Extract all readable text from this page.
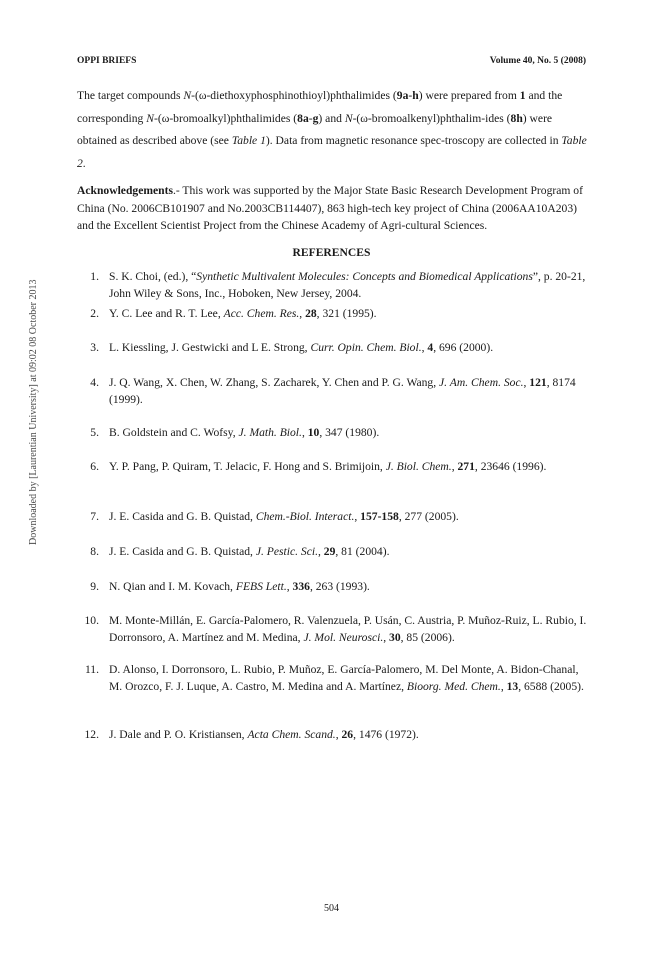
OPPI BRIEFS	Volume 40, No. 5 (2008)
The target compounds N-(ω-diethoxyphosphinothioyl)phthalimides (9a-h) were prepared from 1 and the corresponding N-(ω-bromoalkyl)phthalimides (8a-g) and N-(ω-bromoalkenyl)phthalim-ides (8h) were obtained as described above (see Table 1). Data from magnetic resonance spec-troscopy are collected in Table 2.
Acknowledgements.- This work was supported by the Major State Basic Research Development Program of China (No. 2006CB101907 and No.2003CB114407), 863 high-tech key project of China (2006AA10A203) and the Excellent Scientist Project from the Chinese Academy of Agri-cultural Sciences.
REFERENCES
1. S. K. Choi, (ed.), “Synthetic Multivalent Molecules: Concepts and Biomedical Applications”, p. 20-21, John Wiley & Sons, Inc., Hoboken, New Jersey, 2004.
2. Y. C. Lee and R. T. Lee, Acc. Chem. Res., 28, 321 (1995).
3. L. Kiessling, J. Gestwicki and L E. Strong, Curr. Opin. Chem. Biol., 4, 696 (2000).
4. J. Q. Wang, X. Chen, W. Zhang, S. Zacharek, Y. Chen and P. G. Wang, J. Am. Chem. Soc., 121, 8174 (1999).
5. B. Goldstein and C. Wofsy, J. Math. Biol., 10, 347 (1980).
6. Y. P. Pang, P. Quiram, T. Jelacic, F. Hong and S. Brimijoin, J. Biol. Chem., 271, 23646 (1996).
7. J. E. Casida and G. B. Quistad, Chem.-Biol. Interact., 157-158, 277 (2005).
8. J. E. Casida and G. B. Quistad, J. Pestic. Sci., 29, 81 (2004).
9. N. Qian and I. M. Kovach, FEBS Lett., 336, 263 (1993).
10. M. Monte-Millán, E. García-Palomero, R. Valenzuela, P. Usán, C. Austria, P. Muñoz-Ruiz, L. Rubio, I. Dorronsoro, A. Martínez and M. Medina, J. Mol. Neurosci., 30, 85 (2006).
11. D. Alonso, I. Dorronsoro, L. Rubio, P. Muñoz, E. García-Palomero, M. Del Monte, A. Bidon-Chanal, M. Orozco, F. J. Luque, A. Castro, M. Medina and A. Martínez, Bioorg. Med. Chem., 13, 6588 (2005).
12. J. Dale and P. O. Kristiansen, Acta Chem. Scand., 26, 1476 (1972).
Downloaded by [Laurentian University] at 09:02 08 October 2013
504
